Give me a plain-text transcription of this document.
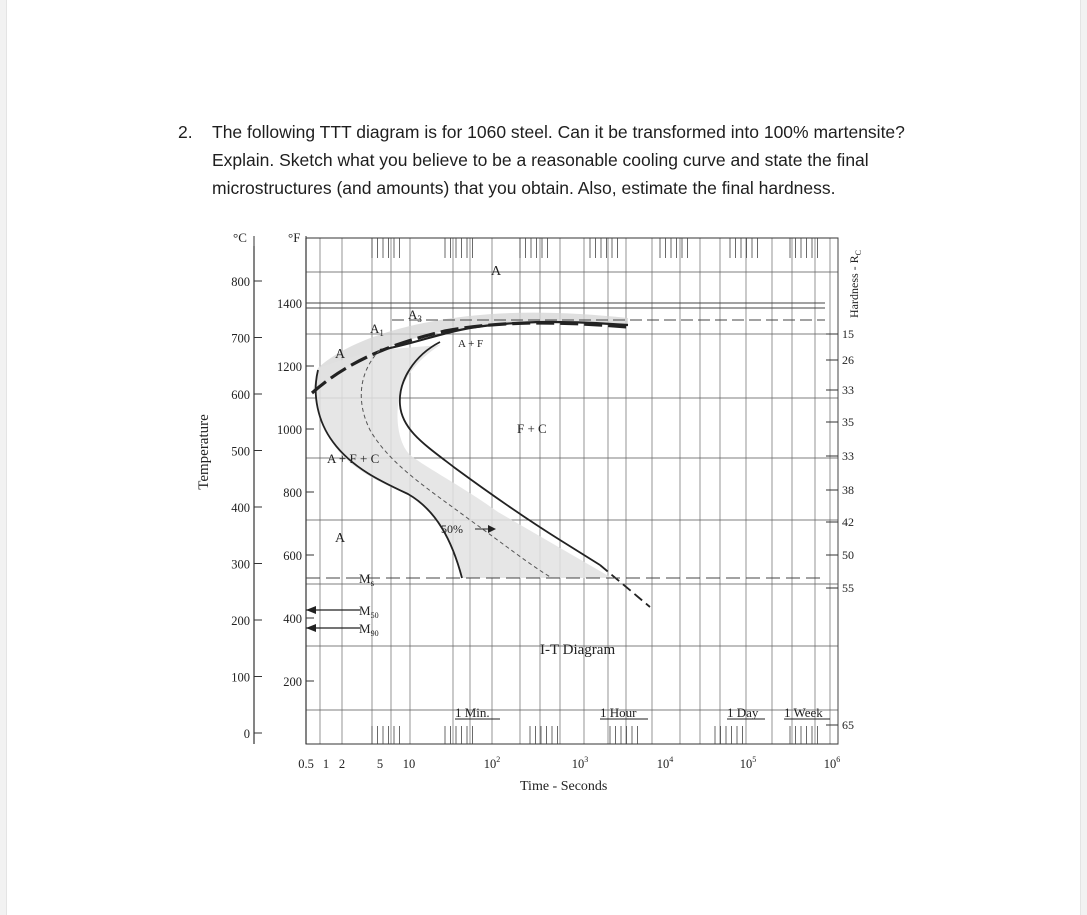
2. The following TTT diagram is for 1060 steel. Can it be transformed into 100% martensite?
Explain. Sketch what you believe to be a reasonable cooling curve and state the final
microstructures (and amounts) that you obtain. Also, estimate the final hardness.
°C	°F
800
700
600
500
400
300
200
100
0
1400
1200
1000
800
600
400
200
Temperature
A
$A_3$
$A_1$
A
A + F
F + C
A + F + C
A
50%
$M_s$
$M_{50}$
$M_{90}$
I-T Diagram
1 Min.	1 Hour	1 Day 1 Week
0.5 1 2	5 10	$10^2$	$10^3$	$10^4$	$10^5$	$10^6$
Time - Seconds
15
26
33
35
33
38
42
50
55
65
Hardness - $R_C$
